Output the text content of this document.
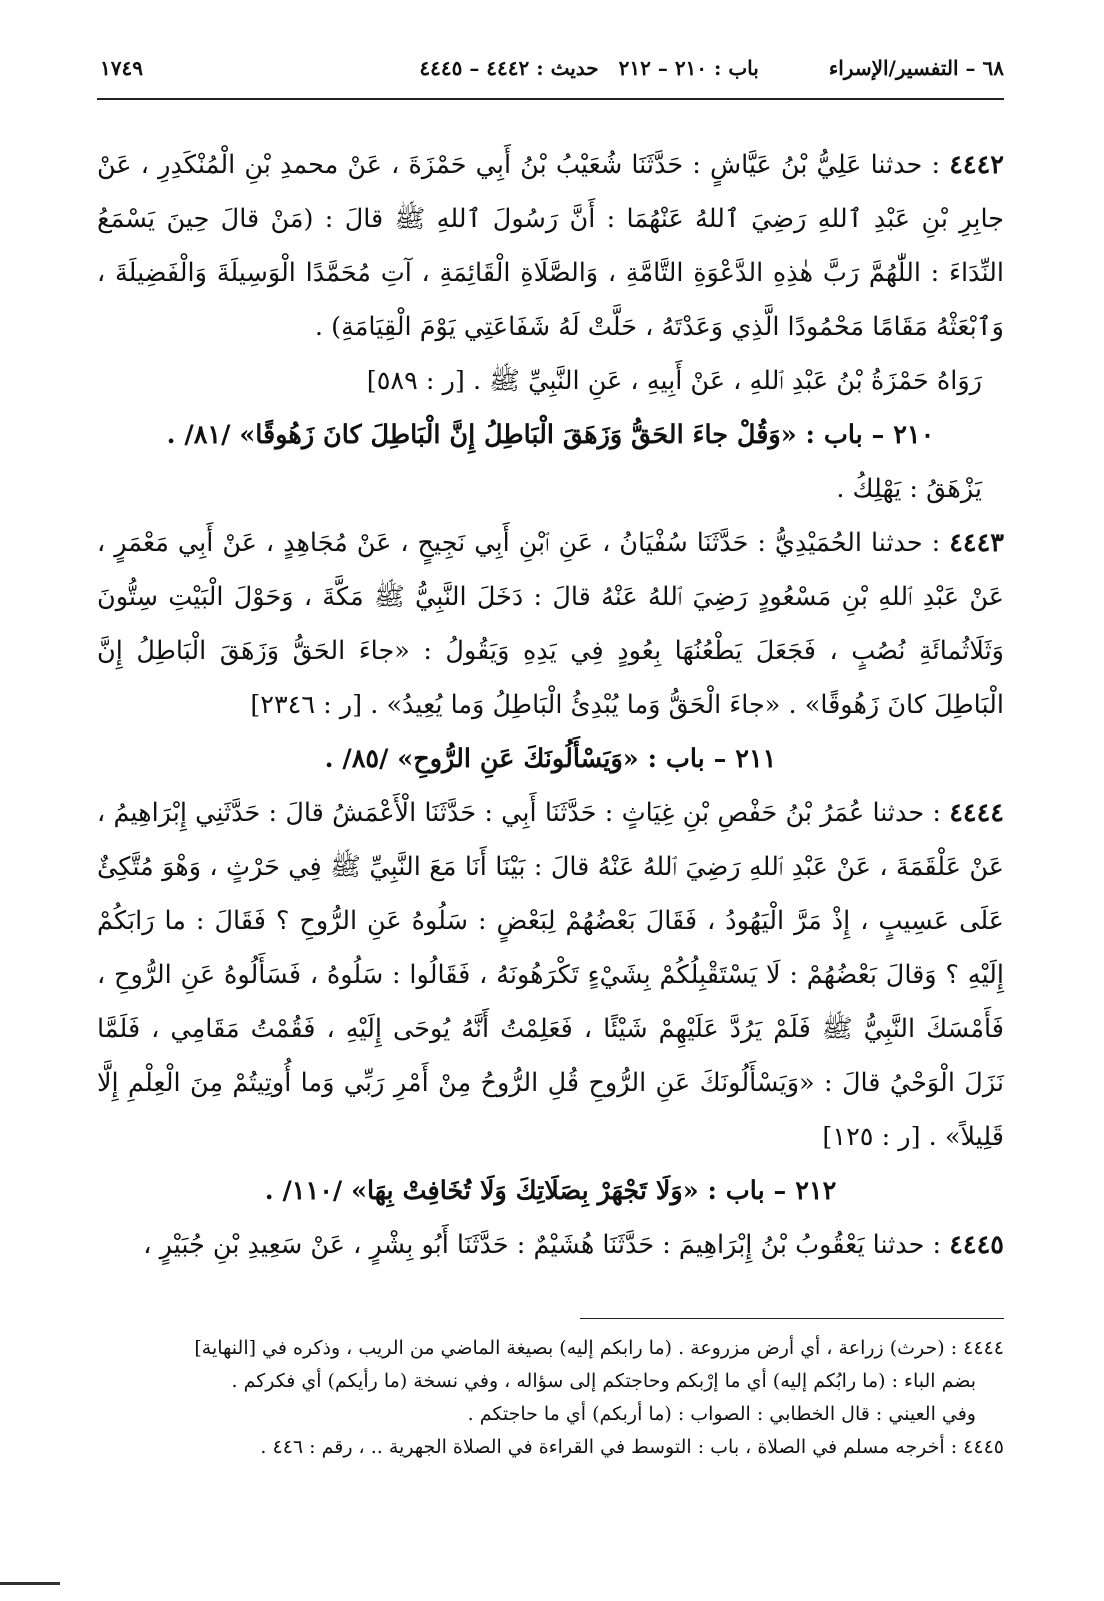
٦٨ – التفسير/الإسراء
باب : ٢١٠ – ٢١٢
حديث : ٤٤٤٢ – ٤٤٤٥
١٧٤٩

٤٤٤٢ : حدثنا عَلِيُّ بْنُ عَيَّاشٍ : حَدَّثَنَا شُعَيْبُ بْنُ أَبِي حَمْزَةَ ، عَنْ محمدِ بْنِ الْمُنْكَدِرِ ، عَنْ جابِرِ بْنِ عَبْدِ ٱللهِ رَضِيَ ٱللهُ عَنْهُمَا : أَنَّ رَسُولَ ٱللهِ ﷺ قالَ : (مَنْ قالَ حِينَ يَسْمَعُ النِّدَاءَ : اللّٰهُمَّ رَبَّ هٰذِهِ الدَّعْوَةِ التَّامَّةِ ، وَالصَّلَاةِ الْقَائِمَةِ ، آتِ مُحَمَّدًا الْوَسِيلَةَ وَالْفَضِيلَةَ ، وَٱبْعَثْهُ مَقَامًا مَحْمُودًا الَّذِي وَعَدْتَهُ ، حَلَّتْ لَهُ شَفَاعَتِي يَوْمَ الْقِيَامَةِ) .

رَوَاهُ حَمْزَةُ بْنُ عَبْدِ ٱللهِ ، عَنْ أَبِيهِ ، عَنِ النَّبِيِّ ﷺ . [ر : ٥٨٩]

٢١٠ – باب : «وَقُلْ جاءَ الحَقُّ وَزَهَقَ الْبَاطِلُ إِنَّ الْبَاطِلَ كانَ زَهُوقًا» /٨١/ .

يَزْهَقُ : يَهْلِكُ .

٤٤٤٣ : حدثنا الحُمَيْدِيُّ : حَدَّثَنَا سُفْيَانُ ، عَنِ ٱبْنِ أَبِي نَجِيحٍ ، عَنْ مُجَاهِدٍ ، عَنْ أَبِي مَعْمَرٍ ، عَنْ عَبْدِ ٱللهِ بْنِ مَسْعُودٍ رَضِيَ ٱللهُ عَنْهُ قالَ : دَخَلَ النَّبِيُّ ﷺ مَكَّةَ ، وَحَوْلَ الْبَيْتِ سِتُّونَ وَثَلَاثُمائَةِ نُصُبٍ ، فَجَعَلَ يَطْعُنُهَا بِعُودٍ فِي يَدِهِ وَيَقُولُ : «جاءَ الحَقُّ وَزَهَقَ الْبَاطِلُ إِنَّ الْبَاطِلَ كانَ زَهُوقًا» . «جاءَ الْحَقُّ وَما يُبْدِئُ الْبَاطِلُ وَما يُعِيدُ» . [ر : ٢٣٤٦]

٢١١ – باب : «وَيَسْأَلُونَكَ عَنِ الرُّوحِ» /٨٥/ .

٤٤٤٤ : حدثنا عُمَرُ بْنُ حَفْصِ بْنِ غِيَاثٍ : حَدَّثَنَا أَبِي : حَدَّثَنَا الْأَعْمَشُ قالَ : حَدَّثَنِي إِبْرَاهِيمُ ، عَنْ عَلْقَمَةَ ، عَنْ عَبْدِ ٱللهِ رَضِيَ ٱللهُ عَنْهُ قالَ : بَيْنَا أَنَا مَعَ النَّبِيِّ ﷺ فِي حَرْثٍ ، وَهْوَ مُتَّكِئٌ عَلَى عَسِيبٍ ، إِذْ مَرَّ الْيَهُودُ ، فَقَالَ بَعْضُهُمْ لِبَعْضٍ : سَلُوهُ عَنِ الرُّوحِ ؟ فَقَالَ : ما رَابَكُمْ إِلَيْهِ ؟ وَقالَ بَعْضُهُمْ : لَا يَسْتَقْبِلُكُمْ بِشَيْءٍ تَكْرَهُونَهُ ، فَقَالُوا : سَلُوهُ ، فَسَأَلُوهُ عَنِ الرُّوحِ ، فَأَمْسَكَ النَّبِيُّ ﷺ فَلَمْ يَرُدَّ عَلَيْهِمْ شَيْئًا ، فَعَلِمْتُ أَنَّهُ يُوحَى إِلَيْهِ ، فَقُمْتُ مَقَامِي ، فَلَمَّا نَزَلَ الْوَحْيُ قالَ : «وَيَسْأَلُونَكَ عَنِ الرُّوحِ قُلِ الرُّوحُ مِنْ أَمْرِ رَبِّي وَما أُوتِيتُمْ مِنَ الْعِلْمِ إِلَّا قَلِيلاً» . [ر : ١٢٥]

٢١٢ – باب : «وَلَا تَجْهَرْ بِصَلَاتِكَ وَلَا تُخَافِتْ بِهَا» /١١٠/ .

٤٤٤٥ : حدثنا يَعْقُوبُ بْنُ إِبْرَاهِيمَ : حَدَّثَنَا هُشَيْمٌ : حَدَّثَنَا أَبُو بِشْرٍ ، عَنْ سَعِيدِ بْنِ جُبَيْرٍ ،

٤٤٤٤ : (حرث) زراعة ، أي أرض مزروعة . (ما رابكم إليه) بصيغة الماضي من الريب ، وذكره في [النهاية]

بضم الباء : (ما رابُكم إليه) أي ما إرْبكم وحاجتكم إلى سؤاله ، وفي نسخة (ما رأيكم) أي فكركم .

وفي العيني : قال الخطابي : الصواب : (ما أربكم) أي ما حاجتكم .

٤٤٤٥ : أخرجه مسلم في الصلاة ، باب : التوسط في القراءة في الصلاة الجهرية .. ، رقم : ٤٤٦ .
